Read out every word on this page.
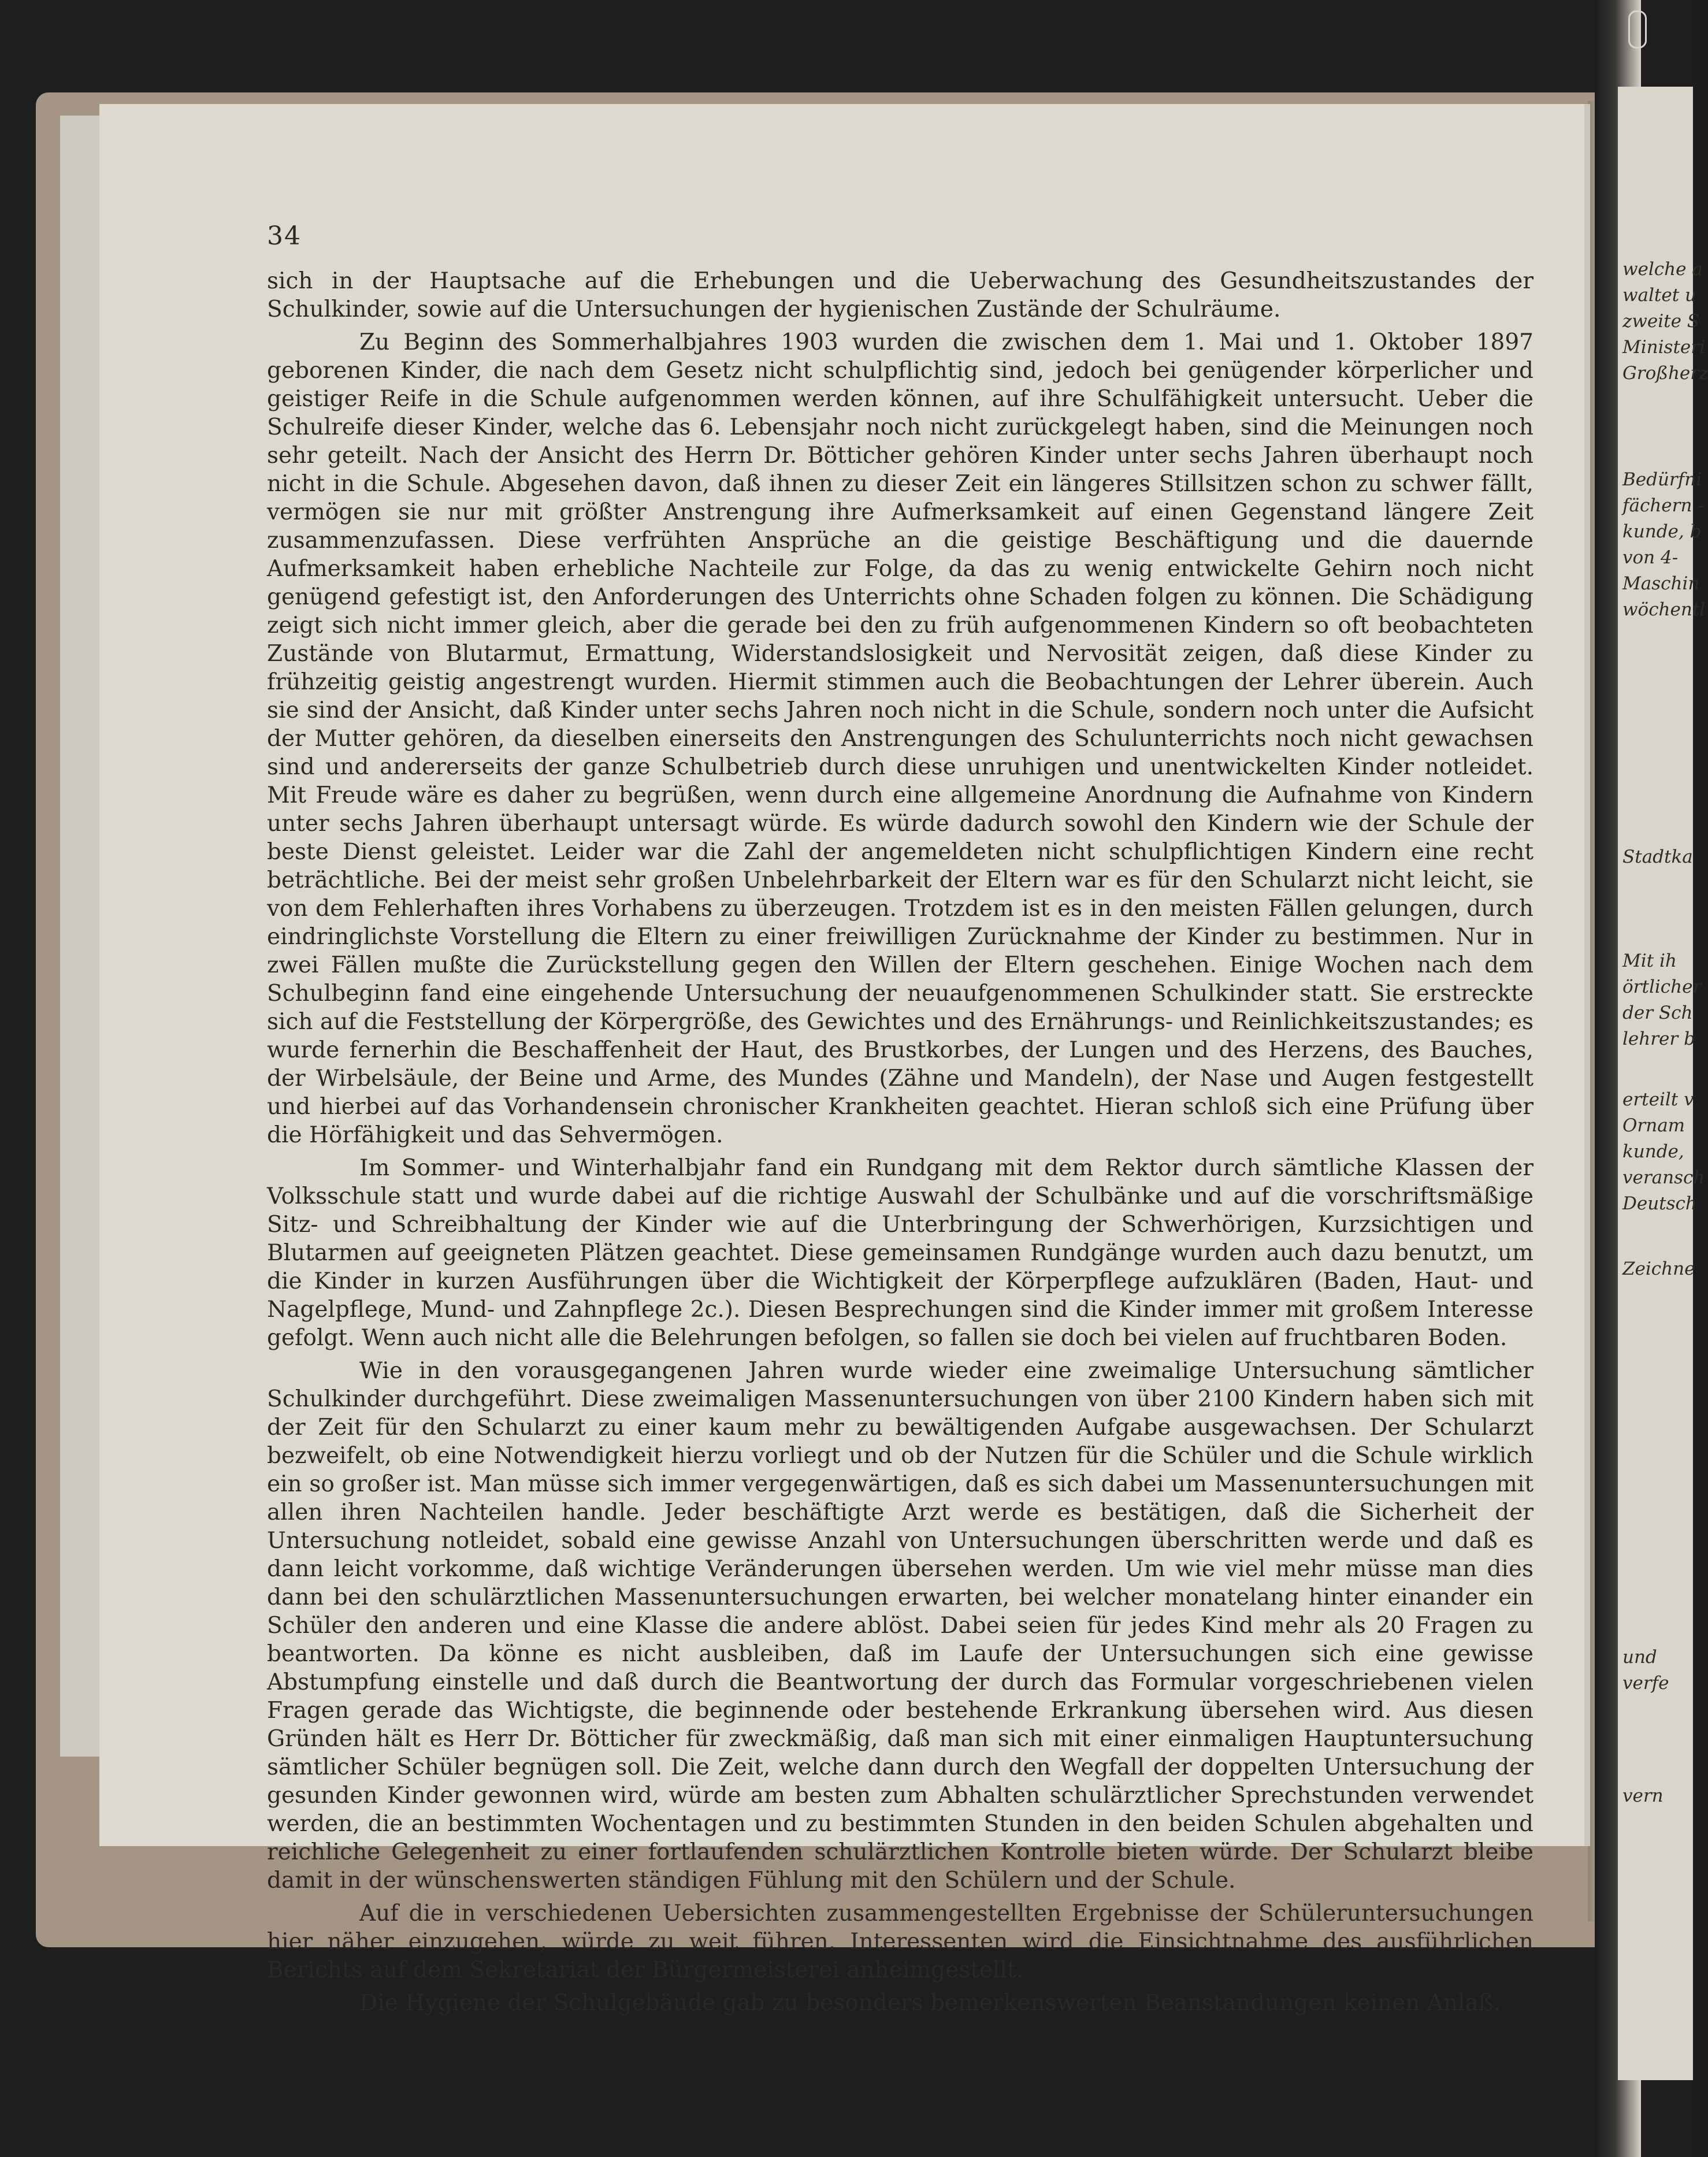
welche a
waltet u
zweite S
Ministeri
Großherz
Bedürfni
fächern -
kunde, b
von 4-
Maschin
wöchentl
Stadtka
Mit ih
örtlicher
der Sch
lehrer b
erteilt v
Ornam
kunde,
veransch
Deutsch
Zeichne
und
verfe
vern
34

sich in der Hauptsache auf die Erhebungen und die Ueberwachung des Gesundheitszustandes der Schulkinder, sowie auf die Untersuchungen der hygienischen Zustände der Schulräume.

Zu Beginn des Sommerhalbjahres 1903 wurden die zwischen dem 1. Mai und 1. Oktober 1897 geborenen Kinder, die nach dem Gesetz nicht schulpflichtig sind, jedoch bei genügender körperlicher und geistiger Reife in die Schule aufgenommen werden können, auf ihre Schulfähigkeit untersucht. Ueber die Schulreife dieser Kinder, welche das 6. Lebensjahr noch nicht zurückgelegt haben, sind die Meinungen noch sehr geteilt. Nach der Ansicht des Herrn Dr. Bötticher gehören Kinder unter sechs Jahren überhaupt noch nicht in die Schule. Abgesehen davon, daß ihnen zu dieser Zeit ein längeres Stillsitzen schon zu schwer fällt, vermögen sie nur mit größter Anstrengung ihre Aufmerksamkeit auf einen Gegenstand längere Zeit zusammenzufassen. Diese verfrühten Ansprüche an die geistige Beschäftigung und die dauernde Aufmerksamkeit haben erhebliche Nachteile zur Folge, da das zu wenig entwickelte Gehirn noch nicht genügend gefestigt ist, den Anforderungen des Unterrichts ohne Schaden folgen zu können. Die Schädigung zeigt sich nicht immer gleich, aber die gerade bei den zu früh aufgenommenen Kindern so oft beobachteten Zustände von Blutarmut, Ermattung, Widerstandslosigkeit und Nervosität zeigen, daß diese Kinder zu frühzeitig geistig angestrengt wurden. Hiermit stimmen auch die Beobachtungen der Lehrer überein. Auch sie sind der Ansicht, daß Kinder unter sechs Jahren noch nicht in die Schule, sondern noch unter die Aufsicht der Mutter gehören, da dieselben einerseits den Anstrengungen des Schulunterrichts noch nicht gewachsen sind und andererseits der ganze Schulbetrieb durch diese unruhigen und unentwickelten Kinder notleidet. Mit Freude wäre es daher zu begrüßen, wenn durch eine allgemeine Anordnung die Aufnahme von Kindern unter sechs Jahren überhaupt untersagt würde. Es würde dadurch sowohl den Kindern wie der Schule der beste Dienst geleistet. Leider war die Zahl der angemeldeten nicht schulpflichtigen Kindern eine recht beträchtliche. Bei der meist sehr großen Unbelehrbarkeit der Eltern war es für den Schularzt nicht leicht, sie von dem Fehlerhaften ihres Vorhabens zu überzeugen. Trotzdem ist es in den meisten Fällen gelungen, durch eindringlichste Vorstellung die Eltern zu einer freiwilligen Zurücknahme der Kinder zu bestimmen. Nur in zwei Fällen mußte die Zurückstellung gegen den Willen der Eltern geschehen. Einige Wochen nach dem Schulbeginn fand eine eingehende Untersuchung der neuaufgenommenen Schulkinder statt. Sie erstreckte sich auf die Feststellung der Körpergröße, des Gewichtes und des Ernährungs- und Reinlichkeitszustandes; es wurde fernerhin die Beschaffenheit der Haut, des Brustkorbes, der Lungen und des Herzens, des Bauches, der Wirbelsäule, der Beine und Arme, des Mundes (Zähne und Mandeln), der Nase und Augen festgestellt und hierbei auf das Vorhandensein chronischer Krankheiten geachtet. Hieran schloß sich eine Prüfung über die Hörfähigkeit und das Sehvermögen.

Im Sommer- und Winterhalbjahr fand ein Rundgang mit dem Rektor durch sämtliche Klassen der Volksschule statt und wurde dabei auf die richtige Auswahl der Schulbänke und auf die vorschriftsmäßige Sitz- und Schreibhaltung der Kinder wie auf die Unterbringung der Schwerhörigen, Kurzsichtigen und Blutarmen auf geeigneten Plätzen geachtet. Diese gemeinsamen Rundgänge wurden auch dazu benutzt, um die Kinder in kurzen Ausführungen über die Wichtigkeit der Körperpflege aufzuklären (Baden, Haut- und Nagelpflege, Mund- und Zahnpflege 2c.). Diesen Besprechungen sind die Kinder immer mit großem Interesse gefolgt. Wenn auch nicht alle die Belehrungen befolgen, so fallen sie doch bei vielen auf fruchtbaren Boden.

Wie in den vorausgegangenen Jahren wurde wieder eine zweimalige Untersuchung sämtlicher Schulkinder durchgeführt. Diese zweimaligen Massenuntersuchungen von über 2100 Kindern haben sich mit der Zeit für den Schularzt zu einer kaum mehr zu bewältigenden Aufgabe ausgewachsen. Der Schularzt bezweifelt, ob eine Notwendigkeit hierzu vorliegt und ob der Nutzen für die Schüler und die Schule wirklich ein so großer ist. Man müsse sich immer vergegenwärtigen, daß es sich dabei um Massenuntersuchungen mit allen ihren Nachteilen handle. Jeder beschäftigte Arzt werde es bestätigen, daß die Sicherheit der Untersuchung notleidet, sobald eine gewisse Anzahl von Untersuchungen überschritten werde und daß es dann leicht vorkomme, daß wichtige Veränderungen übersehen werden. Um wie viel mehr müsse man dies dann bei den schulärztlichen Massenuntersuchungen erwarten, bei welcher monatelang hinter einander ein Schüler den anderen und eine Klasse die andere ablöst. Dabei seien für jedes Kind mehr als 20 Fragen zu beantworten. Da könne es nicht ausbleiben, daß im Laufe der Untersuchungen sich eine gewisse Abstumpfung einstelle und daß durch die Beantwortung der durch das Formular vorgeschriebenen vielen Fragen gerade das Wichtigste, die beginnende oder bestehende Erkrankung übersehen wird. Aus diesen Gründen hält es Herr Dr. Bötticher für zweckmäßig, daß man sich mit einer einmaligen Hauptuntersuchung sämtlicher Schüler begnügen soll. Die Zeit, welche dann durch den Wegfall der doppelten Untersuchung der gesunden Kinder gewonnen wird, würde am besten zum Abhalten schulärztlicher Sprechstunden verwendet werden, die an bestimmten Wochentagen und zu bestimmten Stunden in den beiden Schulen abgehalten und reichliche Gelegenheit zu einer fortlaufenden schulärztlichen Kontrolle bieten würde. Der Schularzt bleibe damit in der wünschenswerten ständigen Fühlung mit den Schülern und der Schule.

Auf die in verschiedenen Uebersichten zusammengestellten Ergebnisse der Schüleruntersuchungen hier näher einzugehen, würde zu weit führen. Interessenten wird die Einsichtnahme des ausführlichen Berichts auf dem Sekretariat der Bürgermeisterei anheimgestellt.

Die Hygiene der Schulgebäude gab zu besonders bemerkenswerten Beanstandungen keinen Anlaß.
